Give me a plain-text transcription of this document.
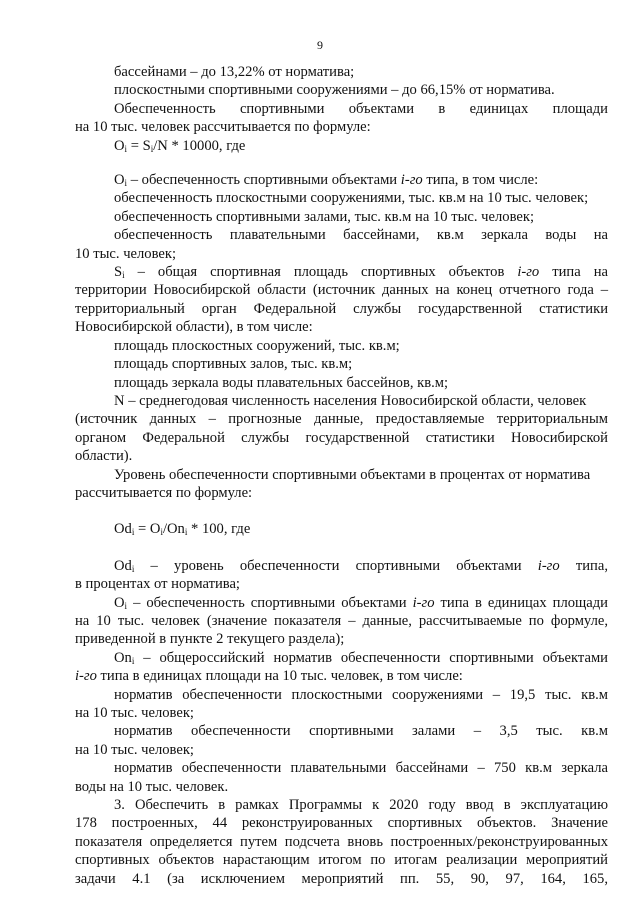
9

бассейнами – до 13,22% от норматива;

плоскостными спортивными сооружениями – до 66,15% от норматива.

Обеспеченность спортивными объектами в единицах площади

на 10 тыс. человек рассчитывается по формуле:

$O_i = S_i/N * 10000$, где

$O_i$ – обеспеченность спортивными объектами i-го типа, в том числе:

обеспеченность плоскостными сооружениями, тыс. кв.м на 10 тыс. человек;

обеспеченность спортивными залами, тыс. кв.м на 10 тыс. человек;

обеспеченность плавательными бассейнами, кв.м зеркала воды на

10 тыс. человек;

$S_i$ – общая спортивная площадь спортивных объектов i-го типа на

территории Новосибирской области (источник данных на конец отчетного года –

территориальный орган Федеральной службы государственной статистики

Новосибирской области), в том числе:

площадь плоскостных сооружений, тыс. кв.м;

площадь спортивных залов, тыс. кв.м;

площадь зеркала воды плавательных бассейнов, кв.м;

N – среднегодовая численность населения Новосибирской области, человек

(источник данных – прогнозные данные, предоставляемые территориальным

органом Федеральной службы государственной статистики Новосибирской

области).

Уровень обеспеченности спортивными объектами в процентах от норматива

рассчитывается по формуле:

$Od_i = O_i/On_i * 100$, где

$Od_i$ – уровень обеспеченности спортивными объектами i-го типа,

в процентах от норматива;

$O_i$ – обеспеченность спортивными объектами i-го типа в единицах площади

на 10 тыс. человек (значение показателя – данные, рассчитываемые по формуле,

приведенной в пункте 2 текущего раздела);

$On_i$ – общероссийский норматив обеспеченности спортивными объектами

i-го типа в единицах площади на 10 тыс. человек, в том числе:

норматив обеспеченности плоскостными сооружениями – 19,5 тыс. кв.м

на 10 тыс. человек;

норматив обеспеченности спортивными залами – 3,5 тыс. кв.м

на 10 тыс. человек;

норматив обеспеченности плавательными бассейнами – 750 кв.м зеркала

воды на 10 тыс. человек.

3. Обеспечить в рамках Программы к 2020 году ввод в эксплуатацию

178 построенных, 44 реконструированных спортивных объектов. Значение

показателя определяется путем подсчета вновь построенных/реконструированных

спортивных объектов нарастающим итогом по итогам реализации мероприятий

задачи 4.1 (за исключением мероприятий пп. 55, 90, 97, 164, 165,
